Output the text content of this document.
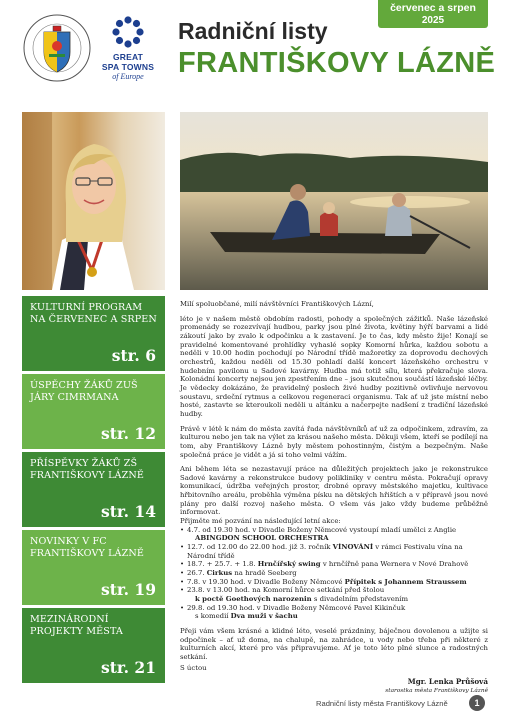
GREAT
SPA TOWNS
of Europe
Radniční listy
FRANTIŠKOVY LÁZNĚ
červenec a srpen
2025
KULTURNÍ PROGRAM NA ČERVENEC A SRPEN
str. 6
ÚSPĚCHY ŽÁKŮ ZUŠ JÁRY CIMRMANA
str. 12
PŘÍSPĚVKY ŽÁKŮ ZŠ FRANTIŠKOVY LÁZNĚ
str. 14
NOVINKY V FC FRANTIŠKOVY LÁZNĚ
str. 19
MEZINÁRODNÍ PROJEKTY MĚSTA
str. 21

Milí spoluobčané, milí návštěvníci Františkových Lázní,

léto je v našem městě obdobím radosti, pohody a společných zážitků. Naše lázeňské promenády se rozezvívají hudbou, parky jsou plné života, květiny hýří barvami a lidé zákoutí jako by zvalo k odpočinku a k zastavení. Je to čas, kdy město žije! Konají se pravidelné komentované prohlídky vyhaslé sopky Komorní hůrka, každou sobotu a neděli v 10.00 hodin pochodují po Národní třídě mažoretky za doprovodu dechových orchestrů, každou neděli od 15.30 pohladí další koncert lázeňského orchestru v hudebním pavilonu u Sadové kavárny. Hudba má totiž sílu, která překračuje slova. Kolonádní koncerty nejsou jen zpestřením dne – jsou skutečnou součástí lázeňské léčby. Je vědecky dokázáno, že pravidelný poslech živé hudby pozitivně ovlivňuje nervovou soustavu, srdeční rytmus a celkovou regeneraci organismu. Tak ať už jste místní nebo hosté, zastavte se kteroukoli neděli u altánku a načerpejte nadšení z tradiční lázeňské hudby.

Právě v létě k nám do města zavítá řada návštěvníků ať už za odpočinkem, zdravím, za kulturou nebo jen tak na výlet za krásou našeho města. Děkuji všem, kteří se podílejí na tom, aby Františkovy Lázně byly městem pohostinným, čistým a bezpečným. Naše společná práce je vidět a já si toho velmi vážím.

Ani během léta se nezastavují práce na důležitých projektech jako je rekonstrukce Sadové kavárny a rekonstrukce budovy polikliniky v centru města. Pokračují opravy komunikací, údržba veřejných prostor, drobné opravy městského majetku, kultivace hřbitovního areálu, proběhla výměna písku na dětských hřištích a v přípravě jsou nové plány pro další rozvoj našeho města. O všem vás jako vždy budeme průběžně informovat.

Přijměte mé pozvání na následující letní akce:

• 4.7. od 19.30 hod. v Divadle Boženy Němcové vystoupí mladí umělci z Anglie
ABINGDON SCHOOL ORCHESTRA
• 12.7. od 12.00 do 22.00 hod. již 3. ročník VÍNOVÁNÍ v rámci Festivalu vína na Národní třídě
• 18.7. + 25.7. + 1.8. Hrnčířský swing v hrnčířně pana Wernera v Nové Drahově
• 26.7. Cirkus na hradě Seeberg
• 7.8. v 19.30 hod. v Divadle Boženy Němcové Přípitek s Johannem Straussem
• 23.8. v 13.00 hod. na Komorní hůrce setkání před štolou
k poctě Goethových narozenin s divadelním představením
• 29.8. od 19.30 hod. v Divadle Boženy Němcové Pavel Kikinčuk
s komedií Dva muži v šachu

Přeji vám všem krásné a klidné léto, veselé prázdniny, báječnou dovolenou a užijte si odpočinek – ať už doma, na chalupě, na zahrádce, u vody nebo třeba při některé z kulturních akcí, které pro vás připravujeme. Ať je toto léto plné slunce a radostných setkání.

S úctou

Mgr. Lenka Průšová
starostka města Františkovy Lázně
Radniční listy města Františkovy Lázně	1
